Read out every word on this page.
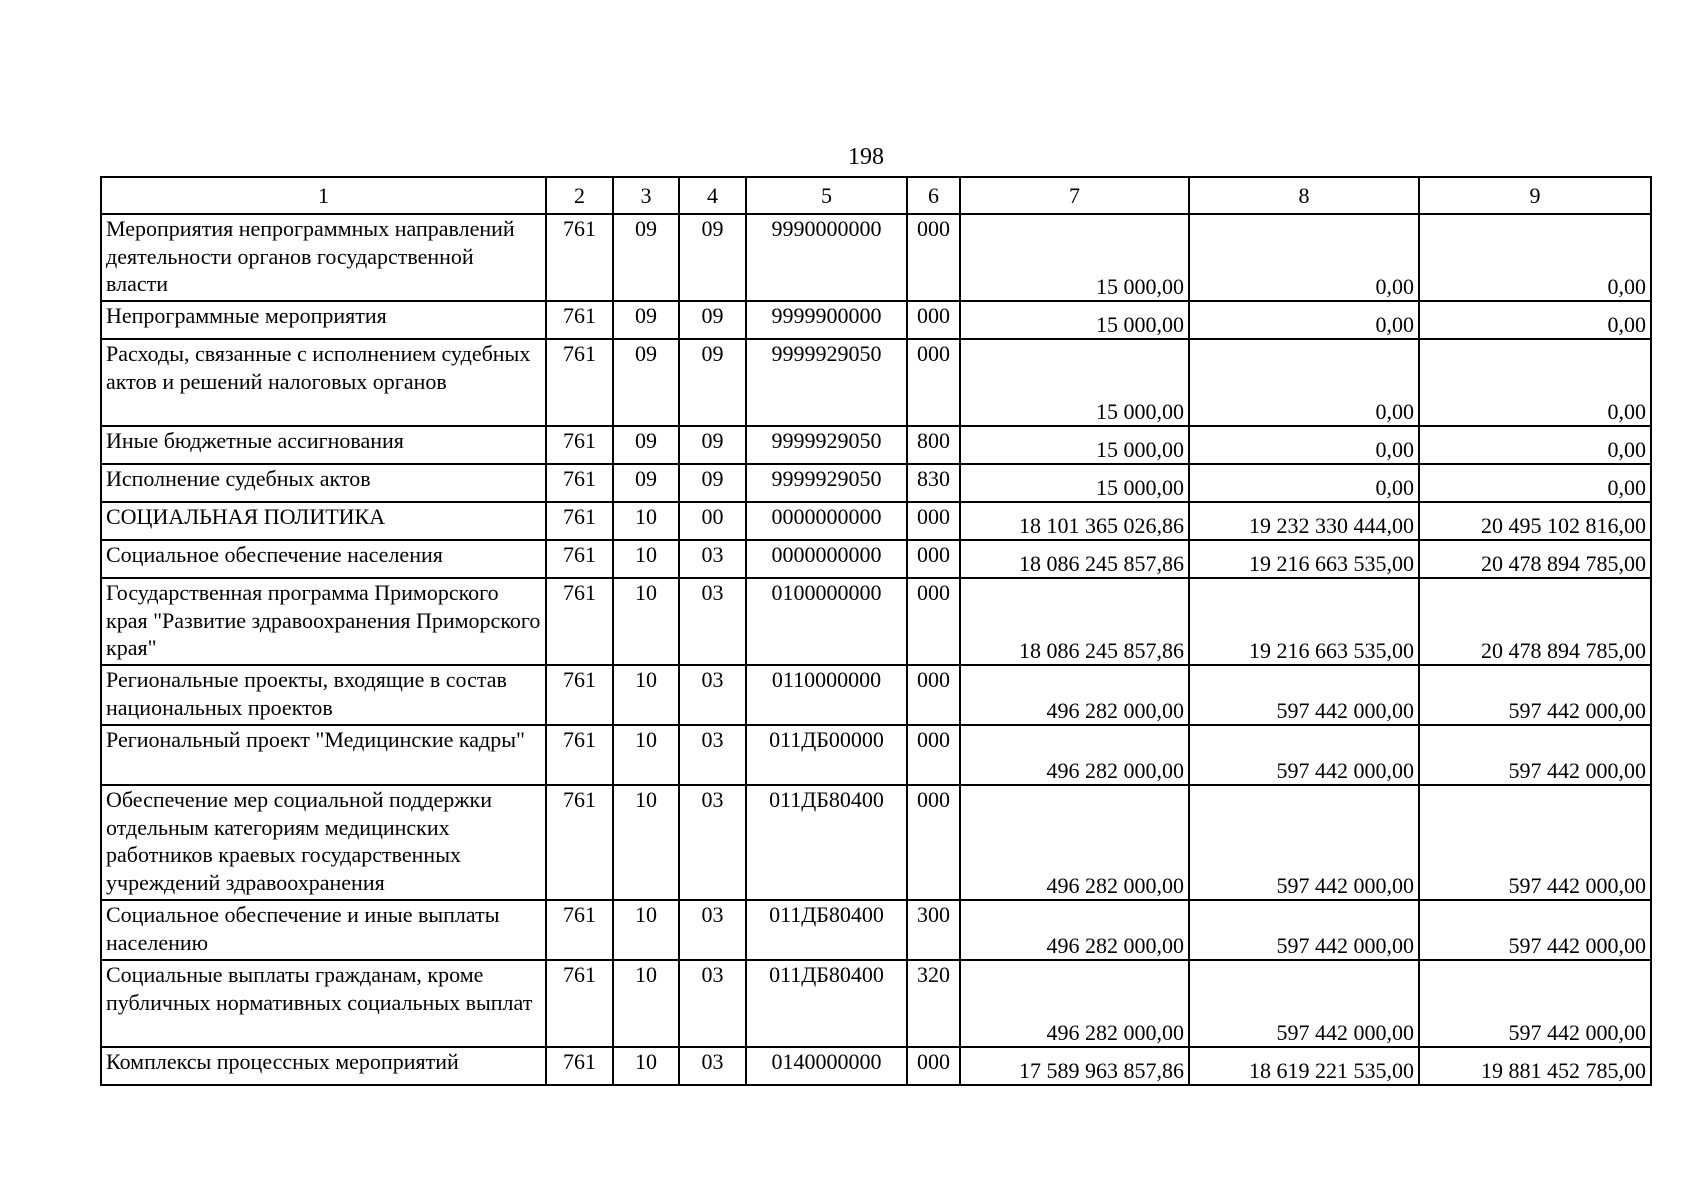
198
1	2	3	4	5	6	7	8	9
Мероприятия непрограммных направлений деятельности органов государственной власти	761	09	09	9990000000	000	15 000,00	0,00	0,00
Непрограммные мероприятия	761	09	09	9999900000	000	15 000,00	0,00	0,00
Расходы, связанные с исполнением судебных актов и решений налоговых органов	761	09	09	9999929050	000	15 000,00	0,00	0,00
Иные бюджетные ассигнования	761	09	09	9999929050	800	15 000,00	0,00	0,00
Исполнение судебных актов	761	09	09	9999929050	830	15 000,00	0,00	0,00
СОЦИАЛЬНАЯ ПОЛИТИКА	761	10	00	0000000000	000	18 101 365 026,86	19 232 330 444,00	20 495 102 816,00
Социальное обеспечение населения	761	10	03	0000000000	000	18 086 245 857,86	19 216 663 535,00	20 478 894 785,00
Государственная программа Приморского края "Развитие здравоохранения Приморского края"	761	10	03	0100000000	000	18 086 245 857,86	19 216 663 535,00	20 478 894 785,00
Региональные проекты, входящие в состав национальных проектов	761	10	03	0110000000	000	496 282 000,00	597 442 000,00	597 442 000,00
Региональный проект "Медицинские кадры"	761	10	03	011ДБ00000	000	496 282 000,00	597 442 000,00	597 442 000,00
Обеспечение мер социальной поддержки отдельным категориям медицинских работников краевых государственных учреждений здравоохранения	761	10	03	011ДБ80400	000	496 282 000,00	597 442 000,00	597 442 000,00
Социальное обеспечение и иные выплаты населению	761	10	03	011ДБ80400	300	496 282 000,00	597 442 000,00	597 442 000,00
Социальные выплаты гражданам, кроме публичных нормативных социальных выплат	761	10	03	011ДБ80400	320	496 282 000,00	597 442 000,00	597 442 000,00
Комплексы процессных мероприятий	761	10	03	0140000000	000	17 589 963 857,86	18 619 221 535,00	19 881 452 785,00
